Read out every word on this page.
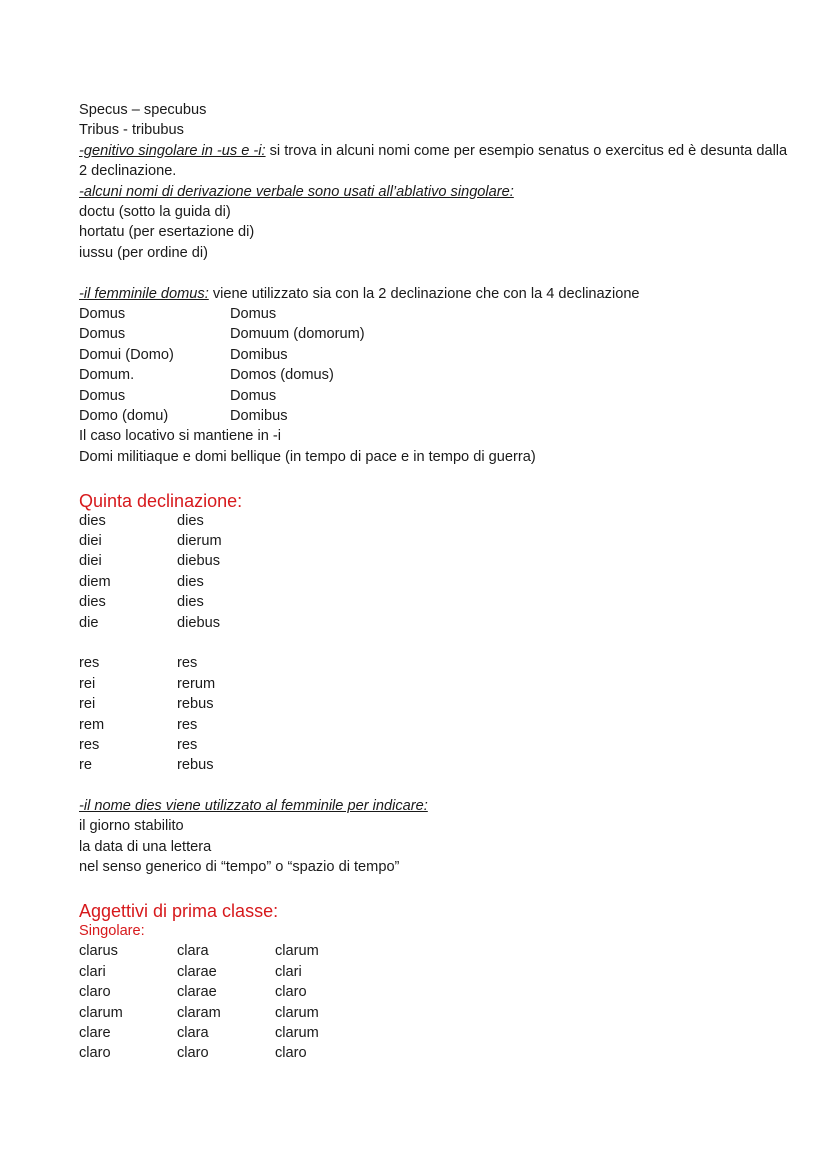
Specus – specubus
Tribus - tribubus
-genitivo singolare in -us e -i: si trova in alcuni nomi come per esempio senatus o exercitus ed è desunta dalla 2 declinazione.
-alcuni nomi di derivazione verbale sono usati all’ablativo singolare:
doctu (sotto la guida di)
hortatu (per esertazione di)
iussu (per ordine di)
-il femminile domus: viene utilizzato sia con la 2 declinazione che con la 4 declinazione
Domus	Domus
Domus	Domuum (domorum)
Domui (Domo)	Domibus
Domum.	Domos (domus)
Domus	Domus
Domo (domu)	Domibus
Il caso locativo si mantiene in -i
Domi militiaque e domi bellique (in tempo di pace e in tempo di guerra)
Quinta declinazione:
dies	dies
diei	dierum
diei	diebus
diem	dies
dies	dies
die	diebus
res	res
rei	rerum
rei	rebus
rem	res
res	res
re	rebus
-il nome dies viene utilizzato al femminile per indicare:
il giorno stabilito
la data di una lettera
nel senso generico di “tempo” o “spazio di tempo”
Aggettivi di prima classe:
Singolare:
clarus	clara	clarum
clari	clarae	clari
claro	clarae	claro
clarum	claram	clarum
clare	clara	clarum
claro	claro	claro
